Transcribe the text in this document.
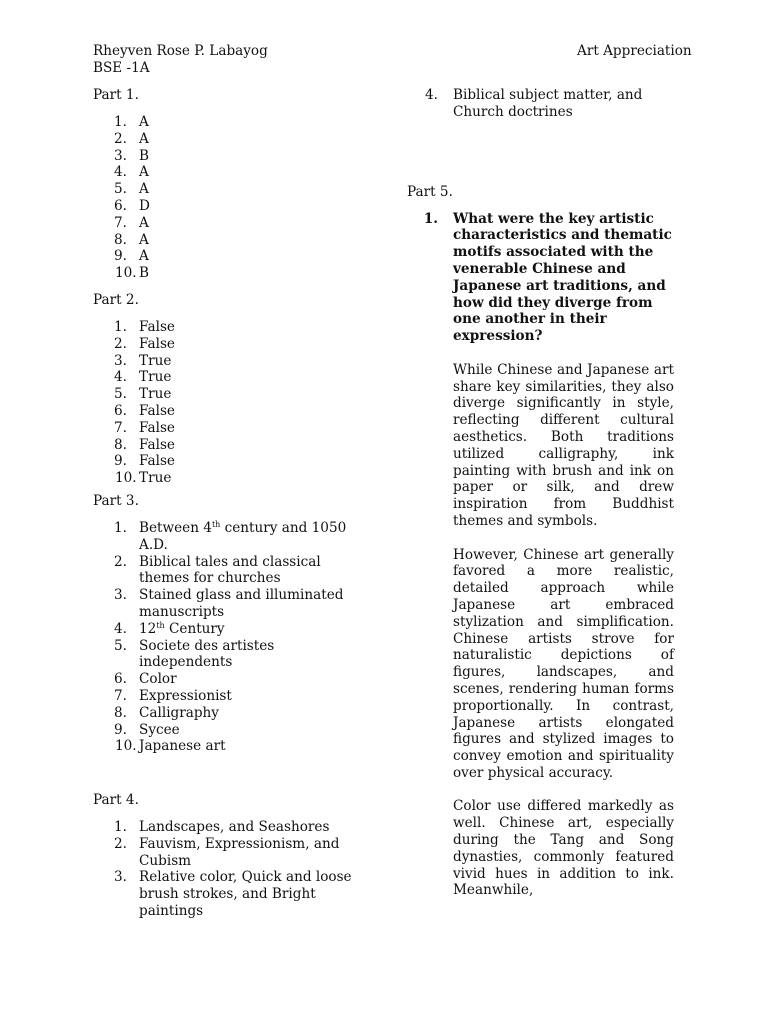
Rheyven Rose P. Labayog
BSE -1A
Art Appreciation
Part 1.
1. A
2. A
3. B
4. A
5. A
6. D
7. A
8. A
9. A
10. B
Part 2.
1. False
2. False
3. True
4. True
5. True
6. False
7. False
8. False
9. False
10. True
Part 3.
1. Between 4th century and 1050 A.D.
2. Biblical tales and classical themes for churches
3. Stained glass and illuminated manuscripts
4. 12th Century
5. Societe des artistes independents
6. Color
7. Expressionist
8. Calligraphy
9. Sycee
10. Japanese art
Part 4.
1. Landscapes, and Seashores
2. Fauvism, Expressionism, and Cubism
3. Relative color, Quick and loose brush strokes, and Bright paintings
4.	Biblical subject matter, and Church doctrines
Part 5.
1.	What were the key artistic characteristics and thematic motifs associated with the venerable Chinese and Japanese art traditions, and how did they diverge from one another in their expression?
While Chinese and Japanese art share key similarities, they also diverge significantly in style, reflecting different cultural aesthetics. Both traditions utilized calligraphy, ink painting with brush and ink on paper or silk, and drew inspiration from Buddhist themes and symbols.
However, Chinese art generally favored a more realistic, detailed approach while Japanese art embraced stylization and simplification. Chinese artists strove for naturalistic depictions of figures, landscapes, and scenes, rendering human forms proportionally. In contrast, Japanese artists elongated figures and stylized images to convey emotion and spirituality over physical accuracy.
Color use differed markedly as well. Chinese art, especially during the Tang and Song dynasties, commonly featured vivid hues in addition to ink. Meanwhile,
